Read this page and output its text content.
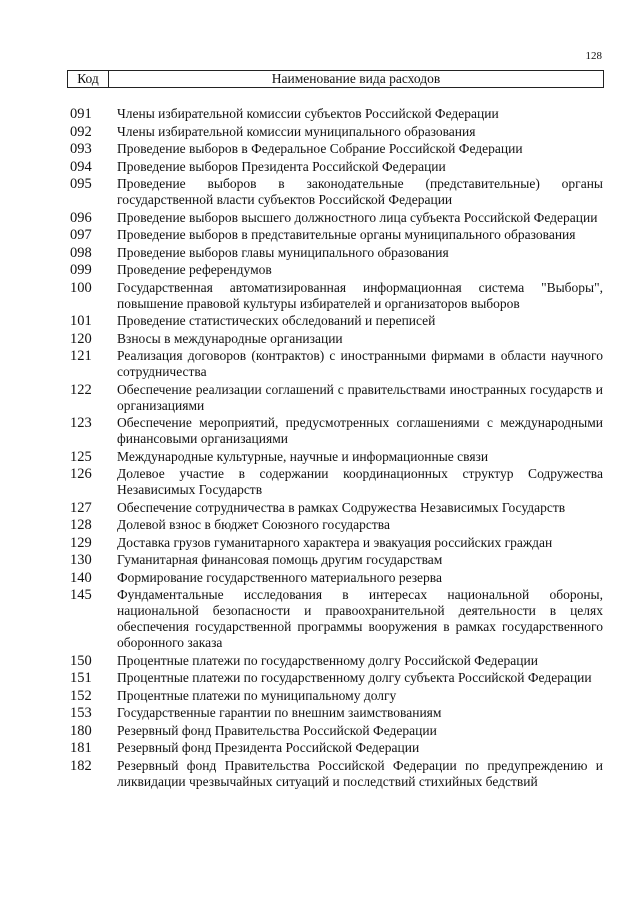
128
Код	Наименование вида расходов
091	Члены избирательной комиссии субъектов Российской Федерации
092	Члены избирательной комиссии муниципального образования
093	Проведение выборов в Федеральное Собрание Российской Федерации
094	Проведение выборов Президента Российской Федерации
095	Проведение выборов в законодательные (представительные) органы государственной власти субъектов Российской Федерации
096	Проведение выборов высшего должностного лица субъекта Российской Федерации
097	Проведение выборов в представительные органы муниципального образования
098	Проведение выборов главы муниципального образования
099	Проведение референдумов
100	Государственная автоматизированная информационная система "Выборы", повышение правовой культуры избирателей и организаторов выборов
101	Проведение статистических обследований и переписей
120	Взносы в международные организации
121	Реализация договоров (контрактов) с иностранными фирмами в области научного сотрудничества
122	Обеспечение реализации соглашений с правительствами иностранных государств и организациями
123	Обеспечение мероприятий, предусмотренных соглашениями с международными финансовыми организациями
125	Международные культурные, научные и информационные связи
126	Долевое участие в содержании координационных структур Содружества Независимых Государств
127	Обеспечение сотрудничества в рамках Содружества Независимых Государств
128	Долевой взнос в бюджет Союзного государства
129	Доставка грузов гуманитарного характера и эвакуация российских граждан
130	Гуманитарная финансовая помощь другим государствам
140	Формирование государственного материального резерва
145	Фундаментальные исследования в интересах национальной обороны, национальной безопасности и правоохранительной деятельности в целях обеспечения государственной программы вооружения в рамках государственного оборонного заказа
150	Процентные платежи по государственному долгу Российской Федерации
151	Процентные платежи по государственному долгу субъекта Российской Федерации
152	Процентные платежи по муниципальному долгу
153	Государственные гарантии по внешним заимствованиям
180	Резервный фонд Правительства Российской Федерации
181	Резервный фонд Президента Российской Федерации
182	Резервный фонд Правительства Российской Федерации по предупреждению и ликвидации чрезвычайных ситуаций и последствий стихийных бедствий
